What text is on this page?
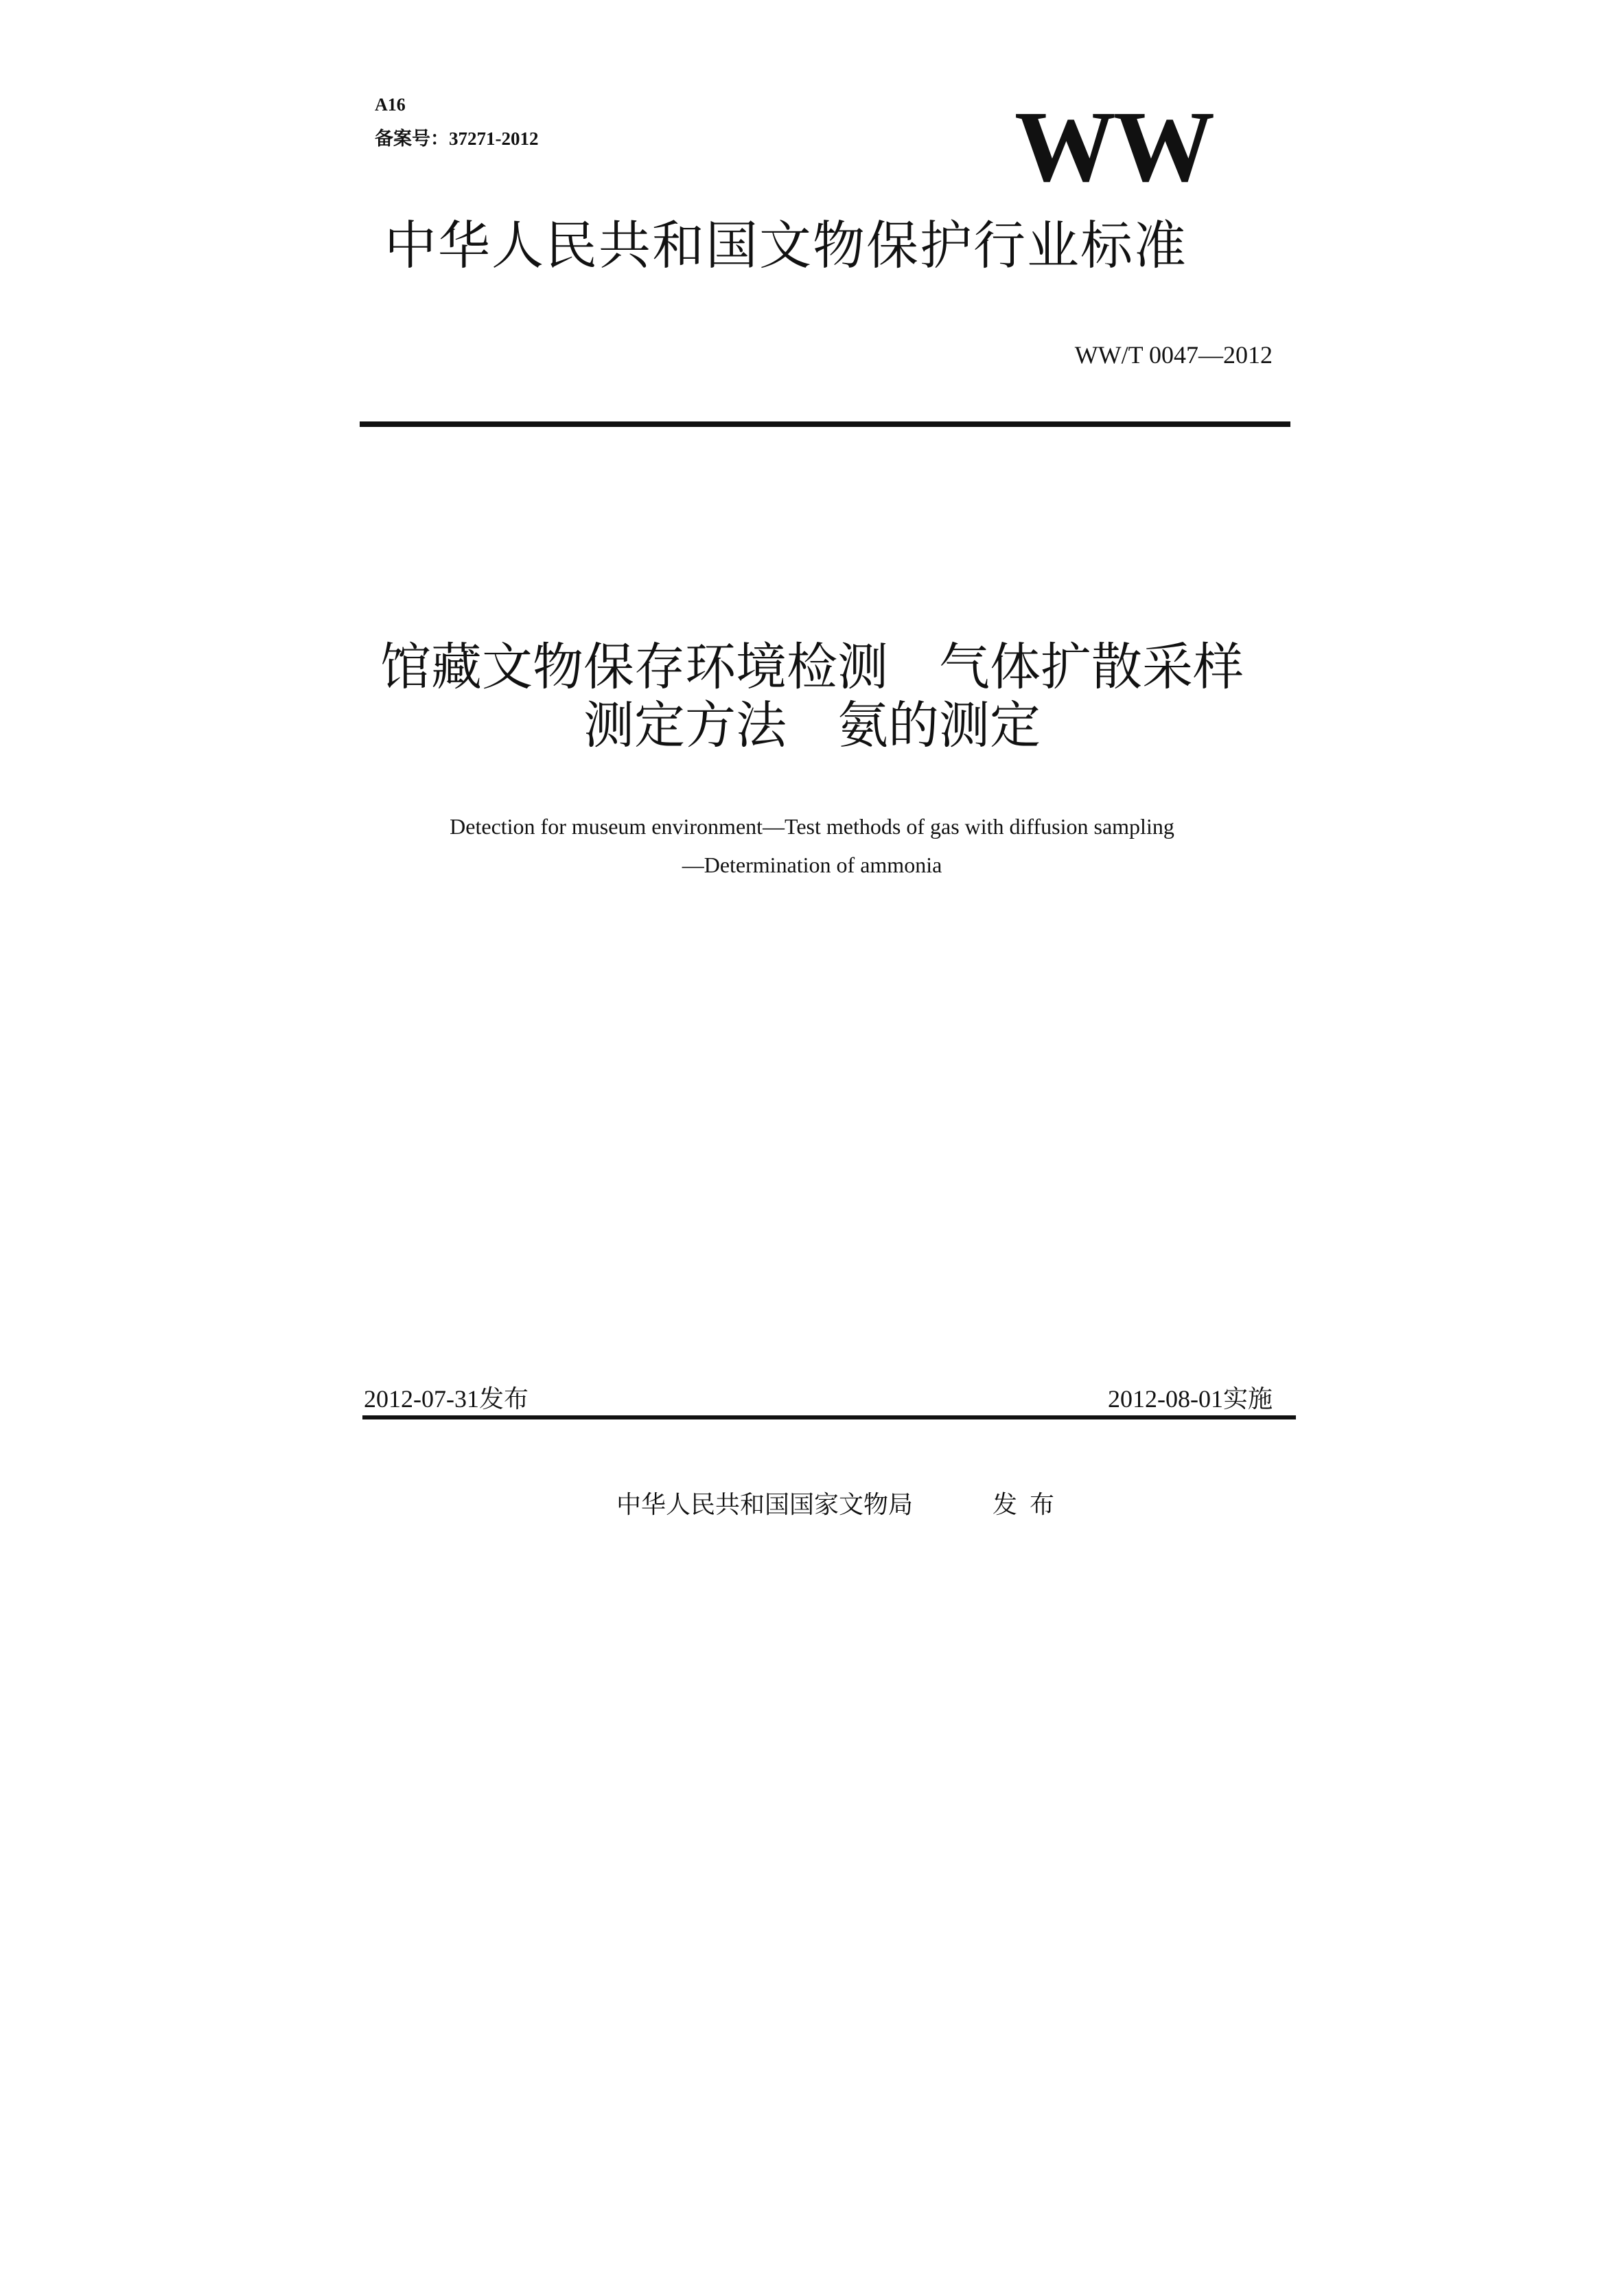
A16
备案号：37271-2012	WW
中华人民共和国文物保护行业标准
WW/T 0047—2012
馆藏文物保存环境检测　气体扩散采样
测定方法　氨的测定
Detection for museum environment—Test methods of gas with diffusion sampling
—Determination of ammonia
2012-07-31发布	2012-08-01实施
中华人民共和国国家文物局	发布
